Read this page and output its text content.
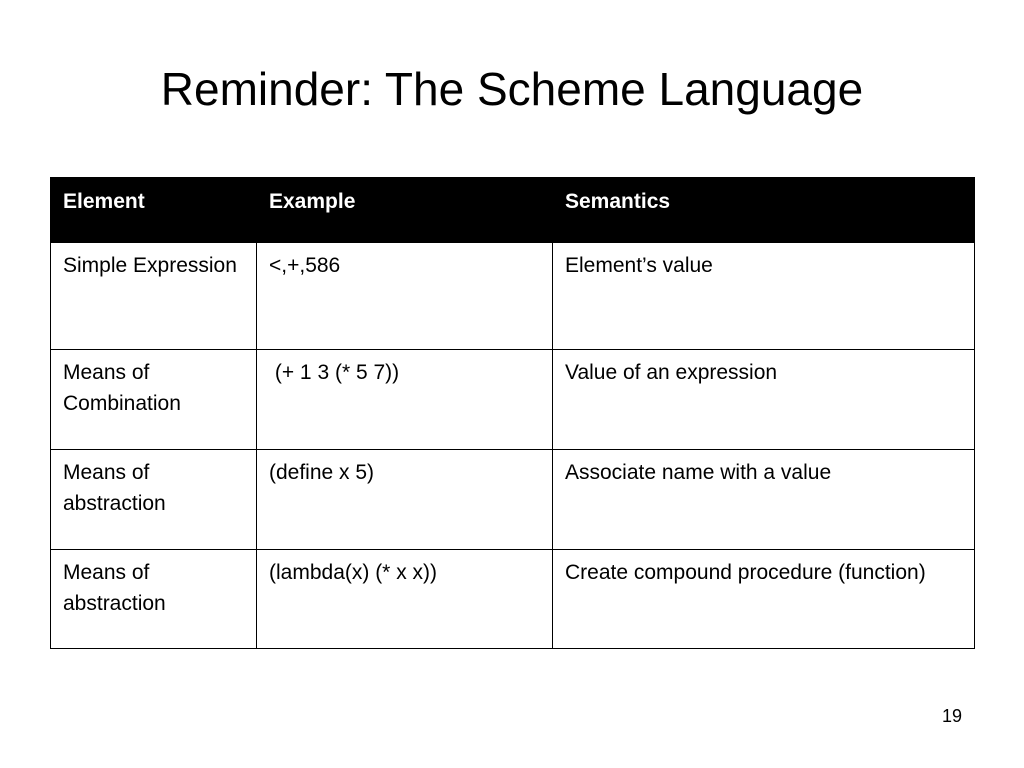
Reminder: The Scheme Language
Element	Example	Semantics
Simple Expression	<,+,586	Element’s value
Means of Combination	(+ 1 3 (* 5 7))	Value of an expression
Means of abstraction	(define x 5)	Associate name with a value
Means of abstraction	(lambda(x) (* x x))	Create compound procedure (function)
19
